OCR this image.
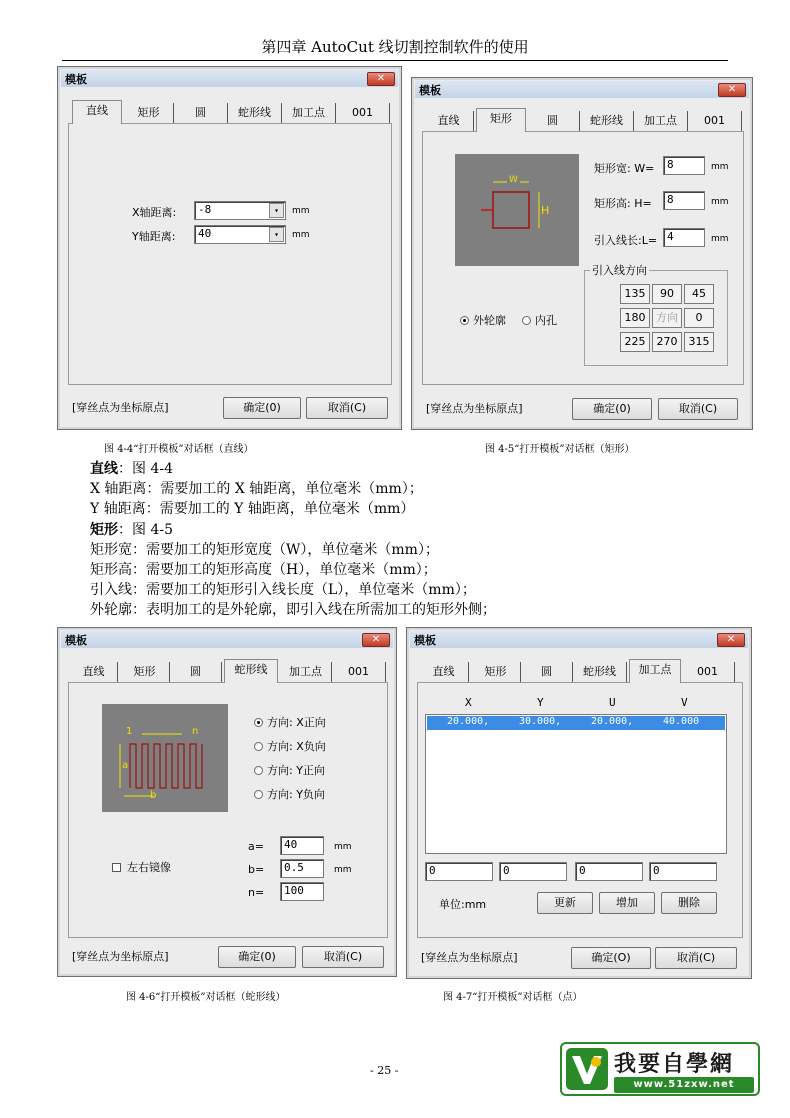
第四章 AutoCut 线切割控制软件的使用
模板	✕
直线	矩形	圆	蛇形线	加工点	001
X轴距离:	-8	▾	mm
Y轴距离:	40	▾	mm
[穿丝点为坐标原点]	确定(0)	取消(C)
模板	✕
直线	矩形	圆	蛇形线	加工点	001
W
H
矩形宽: W=	8	mm
矩形高: H=	8	mm
引入线长:L= 4	mm
引入线方向
135	90	45
180 方向	0
225	270	315
外轮廓	内孔
[穿丝点为坐标原点]	确定(0)	取消(C)
图 4-4“打开模板”对话框（直线）	图 4-5“打开模板”对话框（矩形）
直线：图 4-4
X 轴距离：需要加工的 X 轴距离，单位毫米（mm）；
Y 轴距离：需要加工的 Y 轴距离，单位毫米（mm）
矩形：图 4-5
矩形宽：需要加工的矩形宽度（W），单位毫米（mm）；
矩形高：需要加工的矩形高度（H），单位毫米（mm）；
引入线：需要加工的矩形引入线长度（L），单位毫米（mm）；
外轮廓：表明加工的是外轮廓，即引入线在所需加工的矩形外侧；
模板	✕
直线	矩形	圆	蛇形线	加工点	001
1	n
a
b
方向: X正向
方向: X负向
方向: Y正向
方向: Y负向
a=	40	mm
b=	0.5	mm
n=	100
左右镜像
[穿丝点为坐标原点]	确定(0)	取消(C)
模板	✕
直线	矩形	圆	蛇形线	加工点	001
X	Y	U	V
20.000,	30.000,	20.000,	40.000
0	0	0	0
单位:mm	更新	增加	删除
[穿丝点为坐标原点]	确定(O)	取消(C)
图 4-6“打开模板”对话框（蛇形线）	图 4-7“打开模板”对话框（点）
- 25 -	我要自學網
www.51zxw.net
